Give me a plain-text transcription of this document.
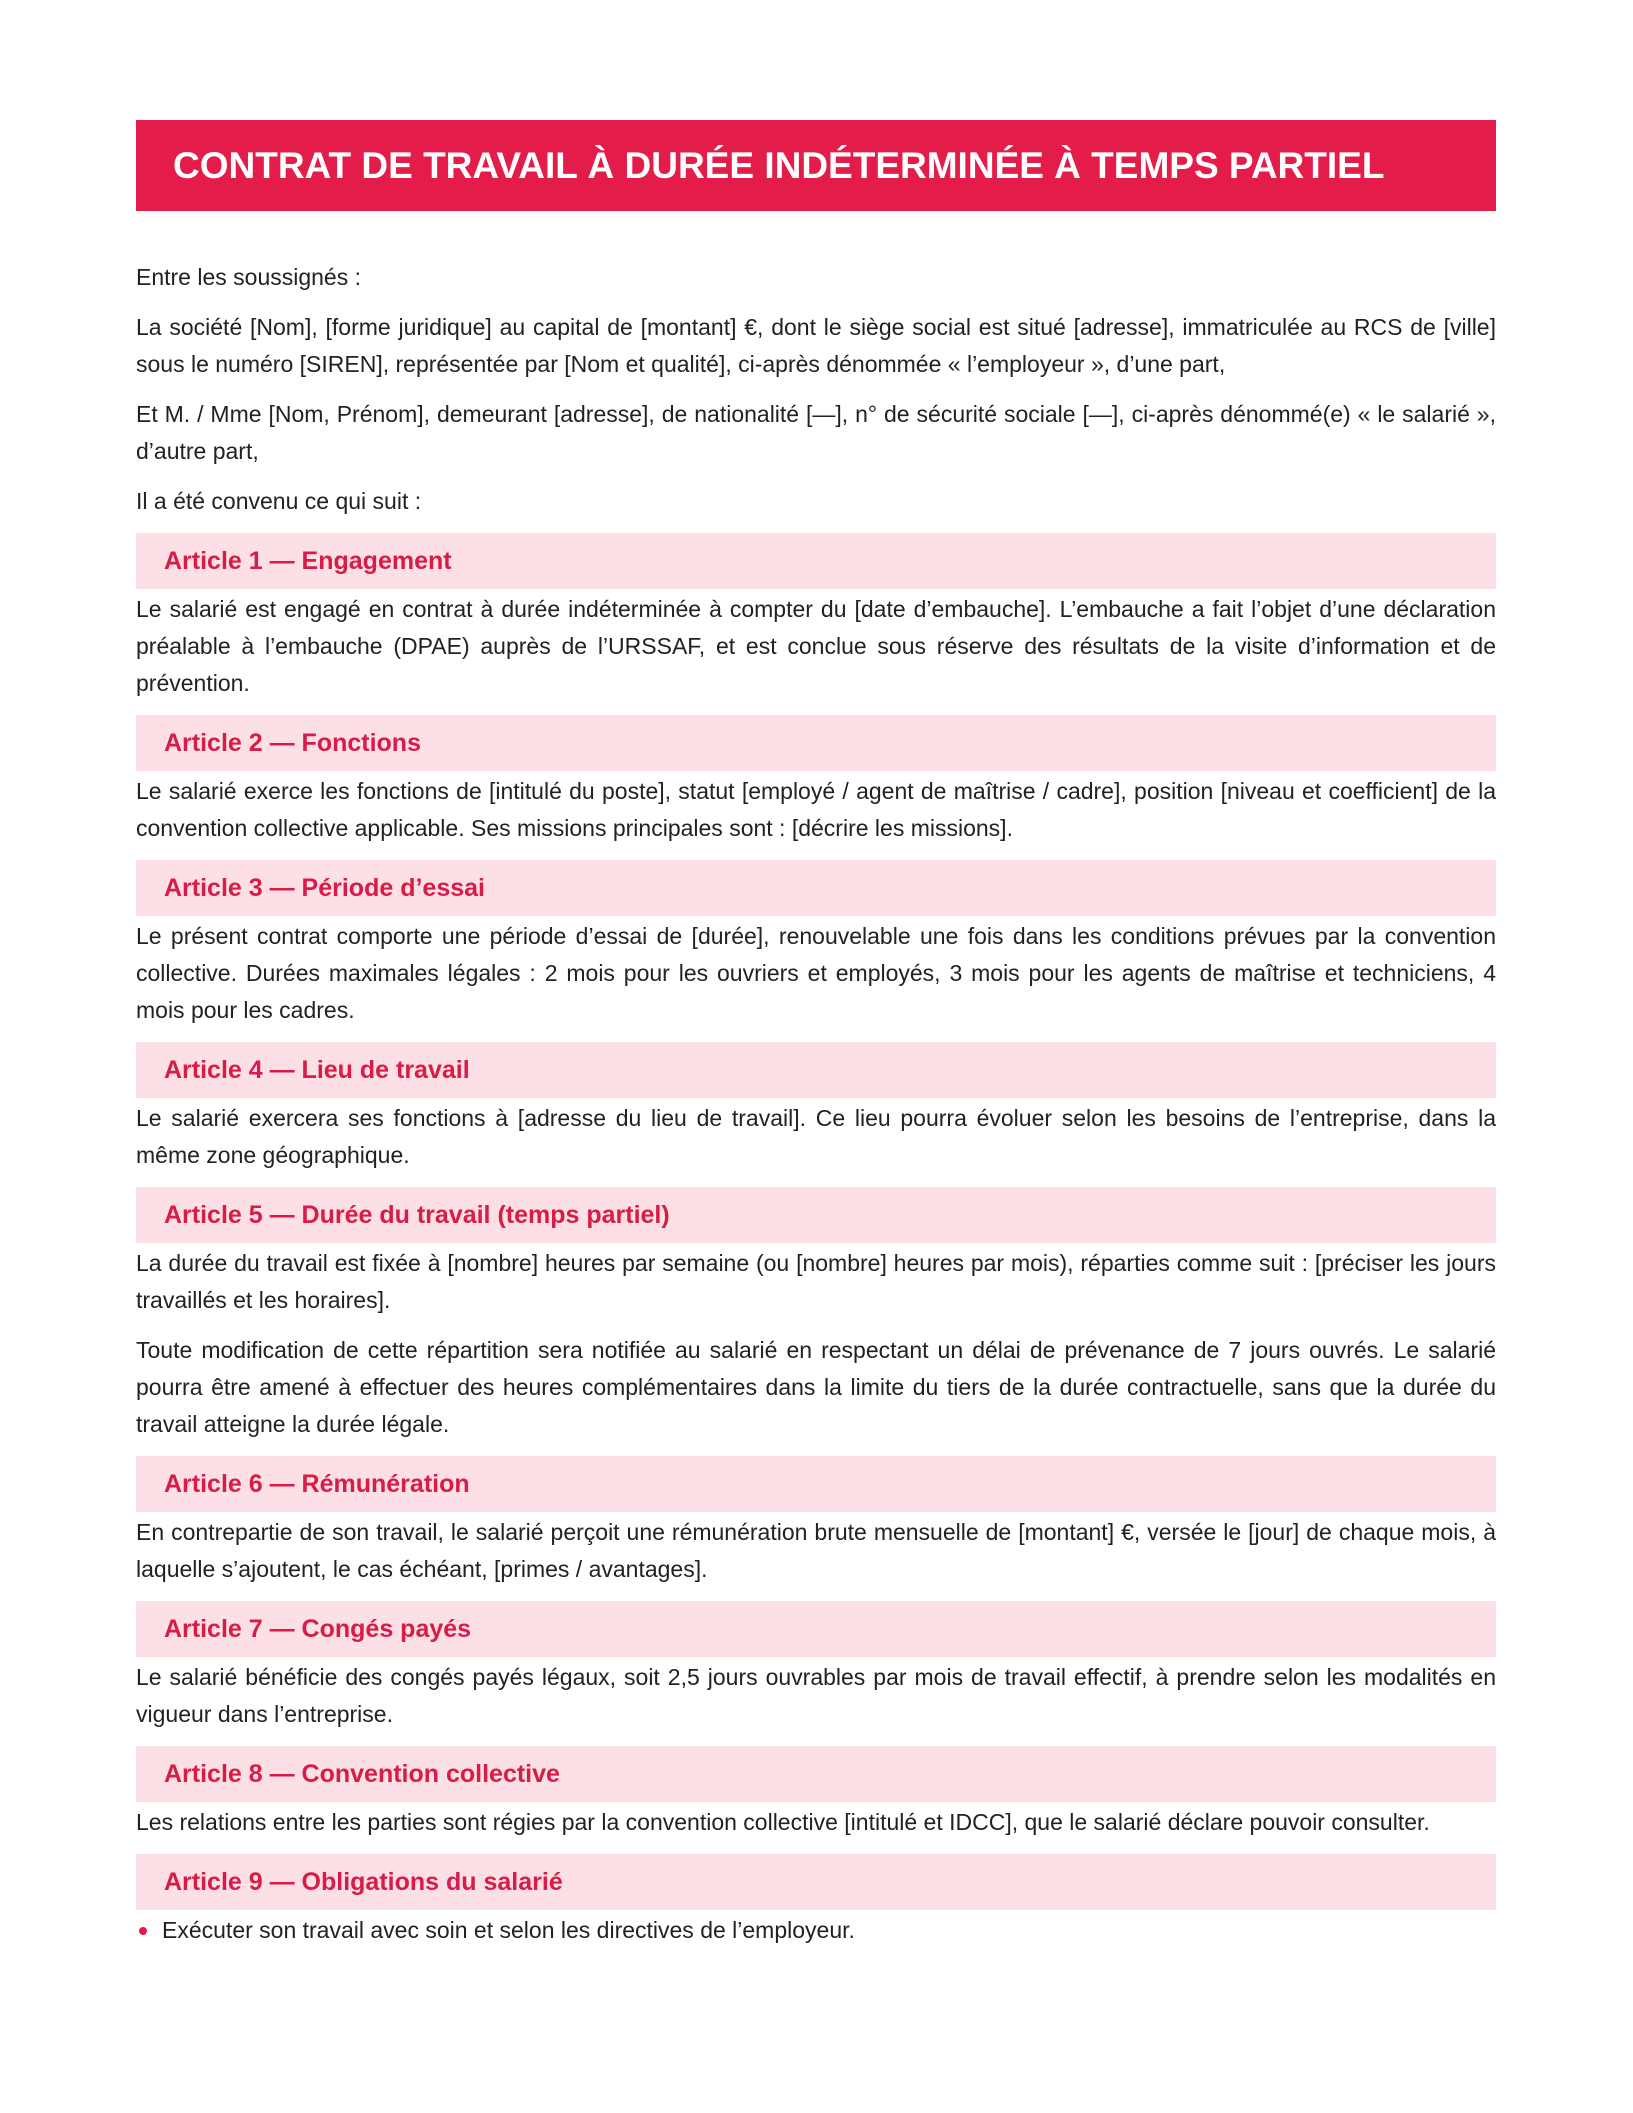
CONTRAT DE TRAVAIL À DURÉE INDÉTERMINÉE À TEMPS PARTIEL

Entre les soussignés :

La société [Nom], [forme juridique] au capital de [montant] €, dont le siège social est situé [adresse], immatriculée au RCS de [ville] sous le numéro [SIREN], représentée par [Nom et qualité], ci-après dénommée « l’employeur », d’une part,

Et M. / Mme [Nom, Prénom], demeurant [adresse], de nationalité [—], n° de sécurité sociale [—], ci-après dénommé(e) « le salarié », d’autre part,

Il a été convenu ce qui suit :

Article 1 — Engagement

Le salarié est engagé en contrat à durée indéterminée à compter du [date d’embauche]. L’embauche a fait l’objet d’une déclaration préalable à l’embauche (DPAE) auprès de l’URSSAF, et est conclue sous réserve des résultats de la visite d’information et de prévention.

Article 2 — Fonctions

Le salarié exerce les fonctions de [intitulé du poste], statut [employé / agent de maîtrise / cadre], position [niveau et coefficient] de la convention collective applicable. Ses missions principales sont : [décrire les missions].

Article 3 — Période d’essai

Le présent contrat comporte une période d’essai de [durée], renouvelable une fois dans les conditions prévues par la convention collective. Durées maximales légales : 2 mois pour les ouvriers et employés, 3 mois pour les agents de maîtrise et techniciens, 4 mois pour les cadres.

Article 4 — Lieu de travail

Le salarié exercera ses fonctions à [adresse du lieu de travail]. Ce lieu pourra évoluer selon les besoins de l’entreprise, dans la même zone géographique.

Article 5 — Durée du travail (temps partiel)

La durée du travail est fixée à [nombre] heures par semaine (ou [nombre] heures par mois), réparties comme suit : [préciser les jours travaillés et les horaires].

Toute modification de cette répartition sera notifiée au salarié en respectant un délai de prévenance de 7 jours ouvrés. Le salarié pourra être amené à effectuer des heures complémentaires dans la limite du tiers de la durée contractuelle, sans que la durée du travail atteigne la durée légale.

Article 6 — Rémunération

En contrepartie de son travail, le salarié perçoit une rémunération brute mensuelle de [montant] €, versée le [jour] de chaque mois, à laquelle s’ajoutent, le cas échéant, [primes / avantages].

Article 7 — Congés payés

Le salarié bénéficie des congés payés légaux, soit 2,5 jours ouvrables par mois de travail effectif, à prendre selon les modalités en vigueur dans l’entreprise.

Article 8 — Convention collective

Les relations entre les parties sont régies par la convention collective [intitulé et IDCC], que le salarié déclare pouvoir consulter.

Article 9 — Obligations du salarié
Exécuter son travail avec soin et selon les directives de l’employeur.
